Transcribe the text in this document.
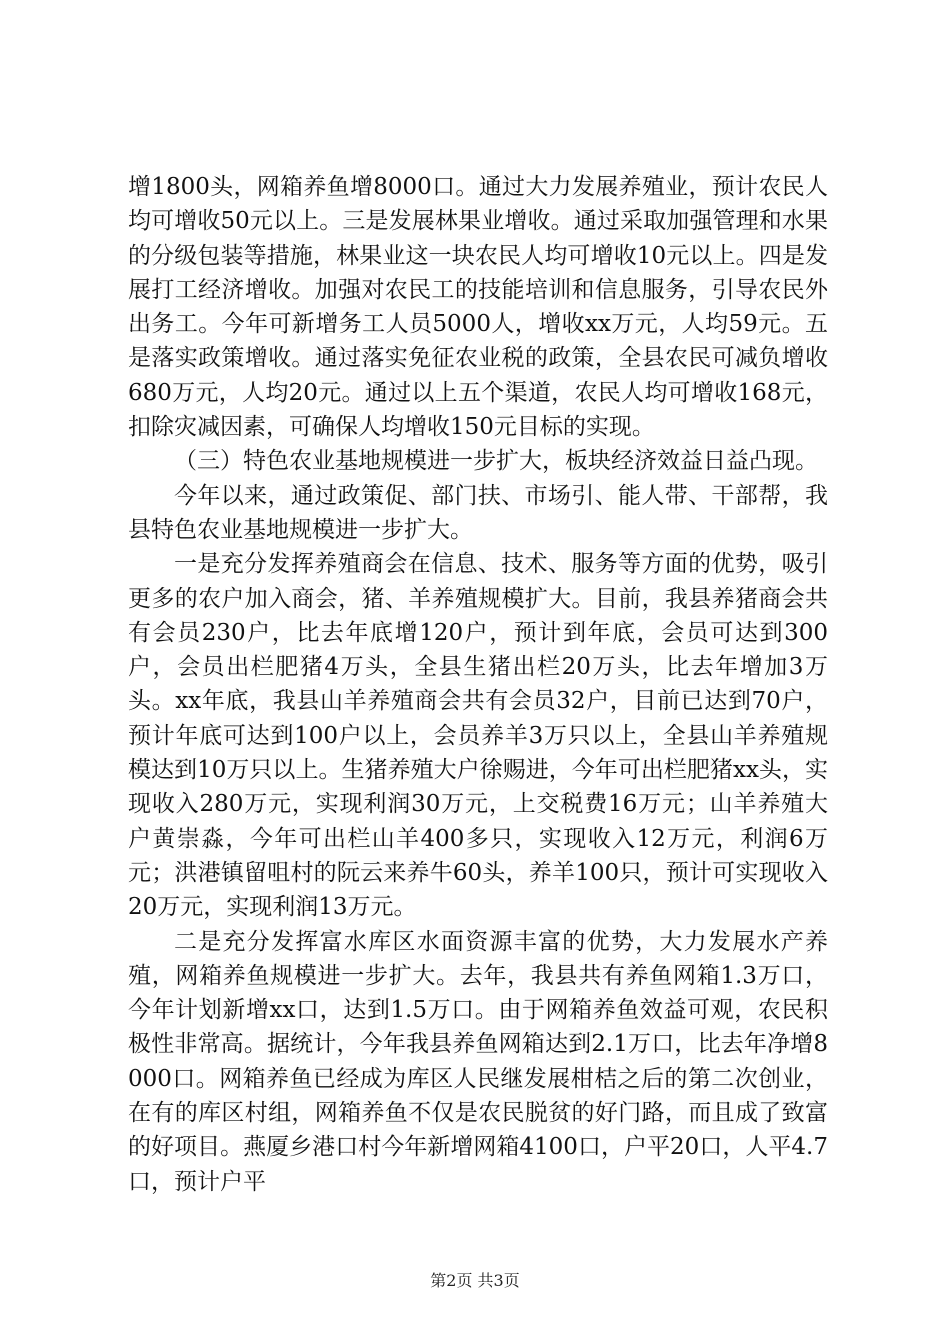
增1800头，网箱养鱼增8000口。通过大力发展养殖业，预计农民人均可增收50元以上。三是发展林果业增收。通过采取加强管理和水果的分级包装等措施，林果业这一块农民人均可增收10元以上。四是发展打工经济增收。加强对农民工的技能培训和信息服务，引导农民外出务工。今年可新增务工人员5000人，增收xx万元，人均59元。五是落实政策增收。通过落实免征农业税的政策，全县农民可减负增收680万元，人均20元。通过以上五个渠道，农民人均可增收168元，扣除灾减因素，可确保人均增收150元目标的实现。

（三）特色农业基地规模进一步扩大，板块经济效益日益凸现。

今年以来，通过政策促、部门扶、市场引、能人带、干部帮，我县特色农业基地规模进一步扩大。

一是充分发挥养殖商会在信息、技术、服务等方面的优势，吸引更多的农户加入商会，猪、羊养殖规模扩大。目前，我县养猪商会共有会员230户，比去年底增120户，预计到年底，会员可达到300户，会员出栏肥猪4万头，全县生猪出栏20万头，比去年增加3万头。xx年底，我县山羊养殖商会共有会员32户，目前已达到70户，预计年底可达到100户以上，会员养羊3万只以上，全县山羊养殖规模达到10万只以上。生猪养殖大户徐赐进，今年可出栏肥猪xx头，实现收入280万元，实现利润30万元，上交税费16万元；山羊养殖大户黄崇淼，今年可出栏山羊400多只，实现收入12万元，利润6万元；洪港镇留咀村的阮云来养牛60头，养羊100只，预计可实现收入20万元，实现利润13万元。

二是充分发挥富水库区水面资源丰富的优势，大力发展水产养殖，网箱养鱼规模进一步扩大。去年，我县共有养鱼网箱1.3万口，今年计划新增xx口，达到1.5万口。由于网箱养鱼效益可观，农民积极性非常高。据统计，今年我县养鱼网箱达到2.1万口，比去年净增8000口。网箱养鱼已经成为库区人民继发展柑桔之后的第二次创业，在有的库区村组，网箱养鱼不仅是农民脱贫的好门路，而且成了致富的好项目。燕厦乡港口村今年新增网箱4100口，户平20口，人平4.7口，预计户平

第2页 共3页
